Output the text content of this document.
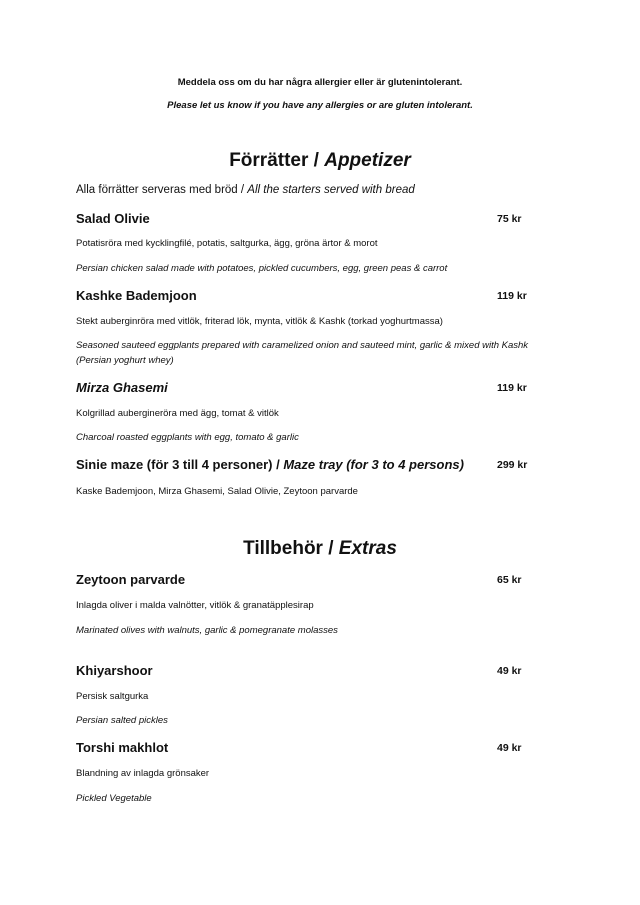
Meddela oss om du har några allergier eller är glutenintolerant.
Please let us know if you have any allergies or are gluten intolerant.
Förrätter / Appetizer
Alla förrätter serveras med bröd / All the starters served with bread
Salad Olivie	75 kr
Potatisröra med kycklingfilé, potatis, saltgurka, ägg, gröna ärtor & morot
Persian chicken salad made with potatoes, pickled cucumbers, egg, green peas & carrot
Kashke Bademjoon	119 kr
Stekt auberginröra med vitlök, friterad lök, mynta, vitlök & Kashk (torkad yoghurtmassa)
Seasoned sauteed eggplants prepared with caramelized onion and sauteed mint, garlic & mixed with Kashk (Persian yoghurt whey)
Mirza Ghasemi	119 kr
Kolgrillad auberginеröra med ägg, tomat & vitlök
Charcoal roasted eggplants with egg, tomato & garlic
Sinie maze (för 3 till 4 personer) / Maze tray (for 3 to 4 persons)	299 kr
Kaske Bademjoon, Mirza Ghasemi, Salad Olivie, Zeytoon parvarde
Tillbehör / Extras
Zeytoon parvarde	65 kr
Inlagda oliver i malda valnötter, vitlök & granatäpplesirap
Marinated olives with walnuts, garlic & pomegranate molasses
Khiyarshoor	49 kr
Persisk saltgurka
Persian salted pickles
Torshi makhlot	49 kr
Blandning av inlagda grönsaker
Pickled Vegetable
